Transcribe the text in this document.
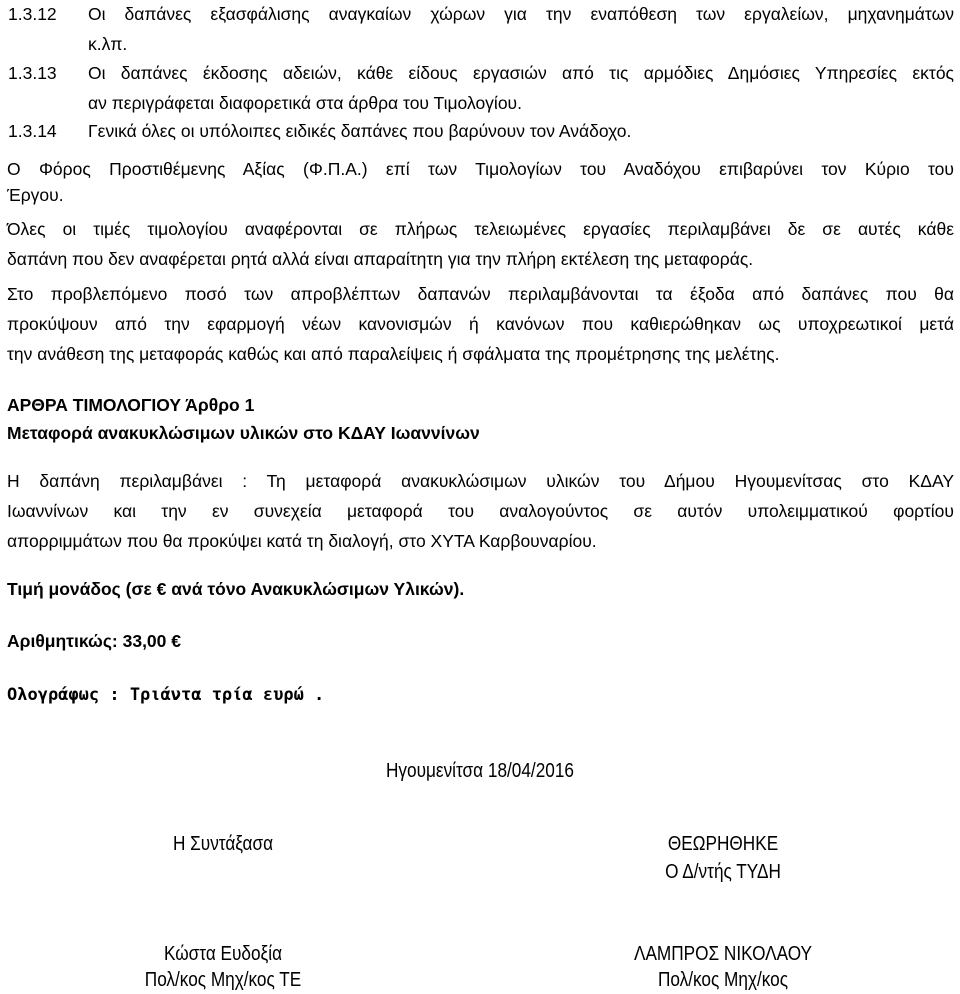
1.3.12	Οι δαπάνες εξασφάλισης αναγκαίων χώρων για την εναπόθεση των εργαλείων, μηχανημάτων
κ.λπ.
1.3.13	Οι δαπάνες έκδοσης αδειών, κάθε είδους εργασιών από τις αρμόδιες Δημόσιες Υπηρεσίες εκτός
αν περιγράφεται διαφορετικά στα άρθρα του Τιμολογίου.
1.3.14	Γενικά όλες οι υπόλοιπες ειδικές δαπάνες που βαρύνουν τον Ανάδοχο.
Ο Φόρος Προστιθέμενης Αξίας (Φ.Π.Α.) επί των Τιμολογίων του Αναδόχου επιβαρύνει τον Κύριο του
Έργου.
Όλες οι τιμές τιμολογίου αναφέρονται σε πλήρως τελειωμένες εργασίες περιλαμβάνει δε σε αυτές κάθε
δαπάνη που δεν αναφέρεται ρητά αλλά είναι απαραίτητη για την πλήρη εκτέλεση της μεταφοράς.
Στο προβλεπόμενο ποσό των απροβλέπτων δαπανών περιλαμβάνονται τα έξοδα από δαπάνες που θα
προκύψουν από την εφαρμογή νέων κανονισμών ή κανόνων που καθιερώθηκαν ως υποχρεωτικοί μετά
την ανάθεση της μεταφοράς καθώς και από παραλείψεις ή σφάλματα της προμέτρησης της μελέτης.
ΑΡΘΡΑ ΤΙΜΟΛΟΓΙΟΥ Άρθρο 1
Μεταφορά ανακυκλώσιμων υλικών στο ΚΔΑΥ Ιωαννίνων
Η δαπάνη περιλαμβάνει : Τη μεταφορά ανακυκλώσιμων υλικών του Δήμου Ηγουμενίτσας στο ΚΔΑΥ
Ιωαννίνων και την εν συνεχεία μεταφορά του αναλογούντος σε αυτόν υπολειμματικού φορτίου
απορριμμάτων που θα προκύψει κατά τη διαλογή, στο ΧΥΤΑ Καρβουναρίου.
Τιμή μονάδος (σε € ανά τόνο Ανακυκλώσιμων Υλικών).
Αριθμητικώς: 33,00 €
Ολογράφως : Τριάντα τρία ευρώ .
Ηγουμενίτσα 18/04/2016
Η Συντάξασα	ΘΕΩΡΗΘΗΚΕ
Ο Δ/ντής ΤΥΔΗ
Κώστα Ευδοξία
Πολ/κος Μηχ/κος ΤΕ
ΛΑΜΠΡΟΣ ΝΙΚΟΛΑΟΥ
Πολ/κος Μηχ/κος
